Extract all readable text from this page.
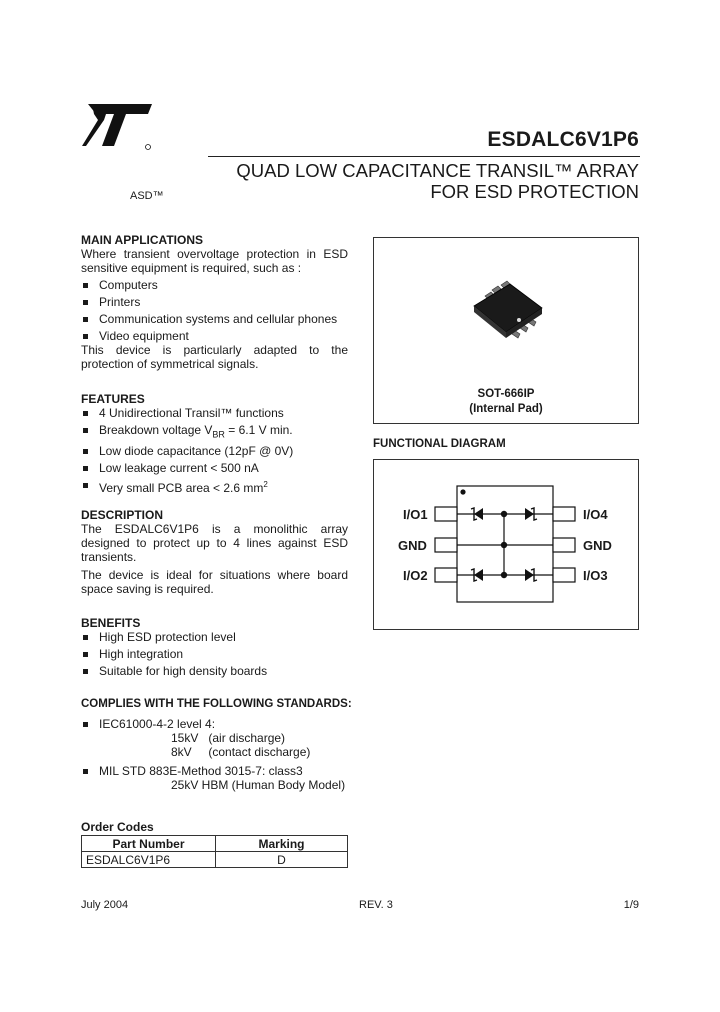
ESDALC6V1P6
QUAD LOW CAPACITANCE TRANSIL™ ARRAY
FOR ESD PROTECTION
ASD™
MAIN APPLICATIONS
Where transient overvoltage protection in ESD sensitive equipment is required, such as :
Computers
Printers
Communication systems and cellular phones
Video equipment
This device is particularly adapted to the protection of symmetrical signals.
FEATURES
4 Unidirectional Transil™ functions
Breakdown voltage $V_{BR} = 6.1$ V min.
Low diode capacitance (12pF @ 0V)
Low leakage current < 500 nA
Very small PCB area < 2.6 $mm^2$
DESCRIPTION
The ESDALC6V1P6 is a monolithic array designed to protect up to 4 lines against ESD transients.
The device is ideal for situations where board space saving is required.
BENEFITS
High ESD protection level
High integration
Suitable for high density boards
COMPLIES WITH THE FOLLOWING STANDARDS:
IEC61000-4-2 level 4:
15kV   (air discharge)
8kV     (contact discharge)
MIL STD 883E-Method 3015-7: class3
25kV HBM (Human Body Model)
Order Codes
Part Number	Marking
ESDALC6V1P6	D
SOT-666IP
(Internal Pad)
FUNCTIONAL DIAGRAM
I/O1
GND
I/O2
I/O4
GND
I/O3
July 2004	REV. 3	1/9
